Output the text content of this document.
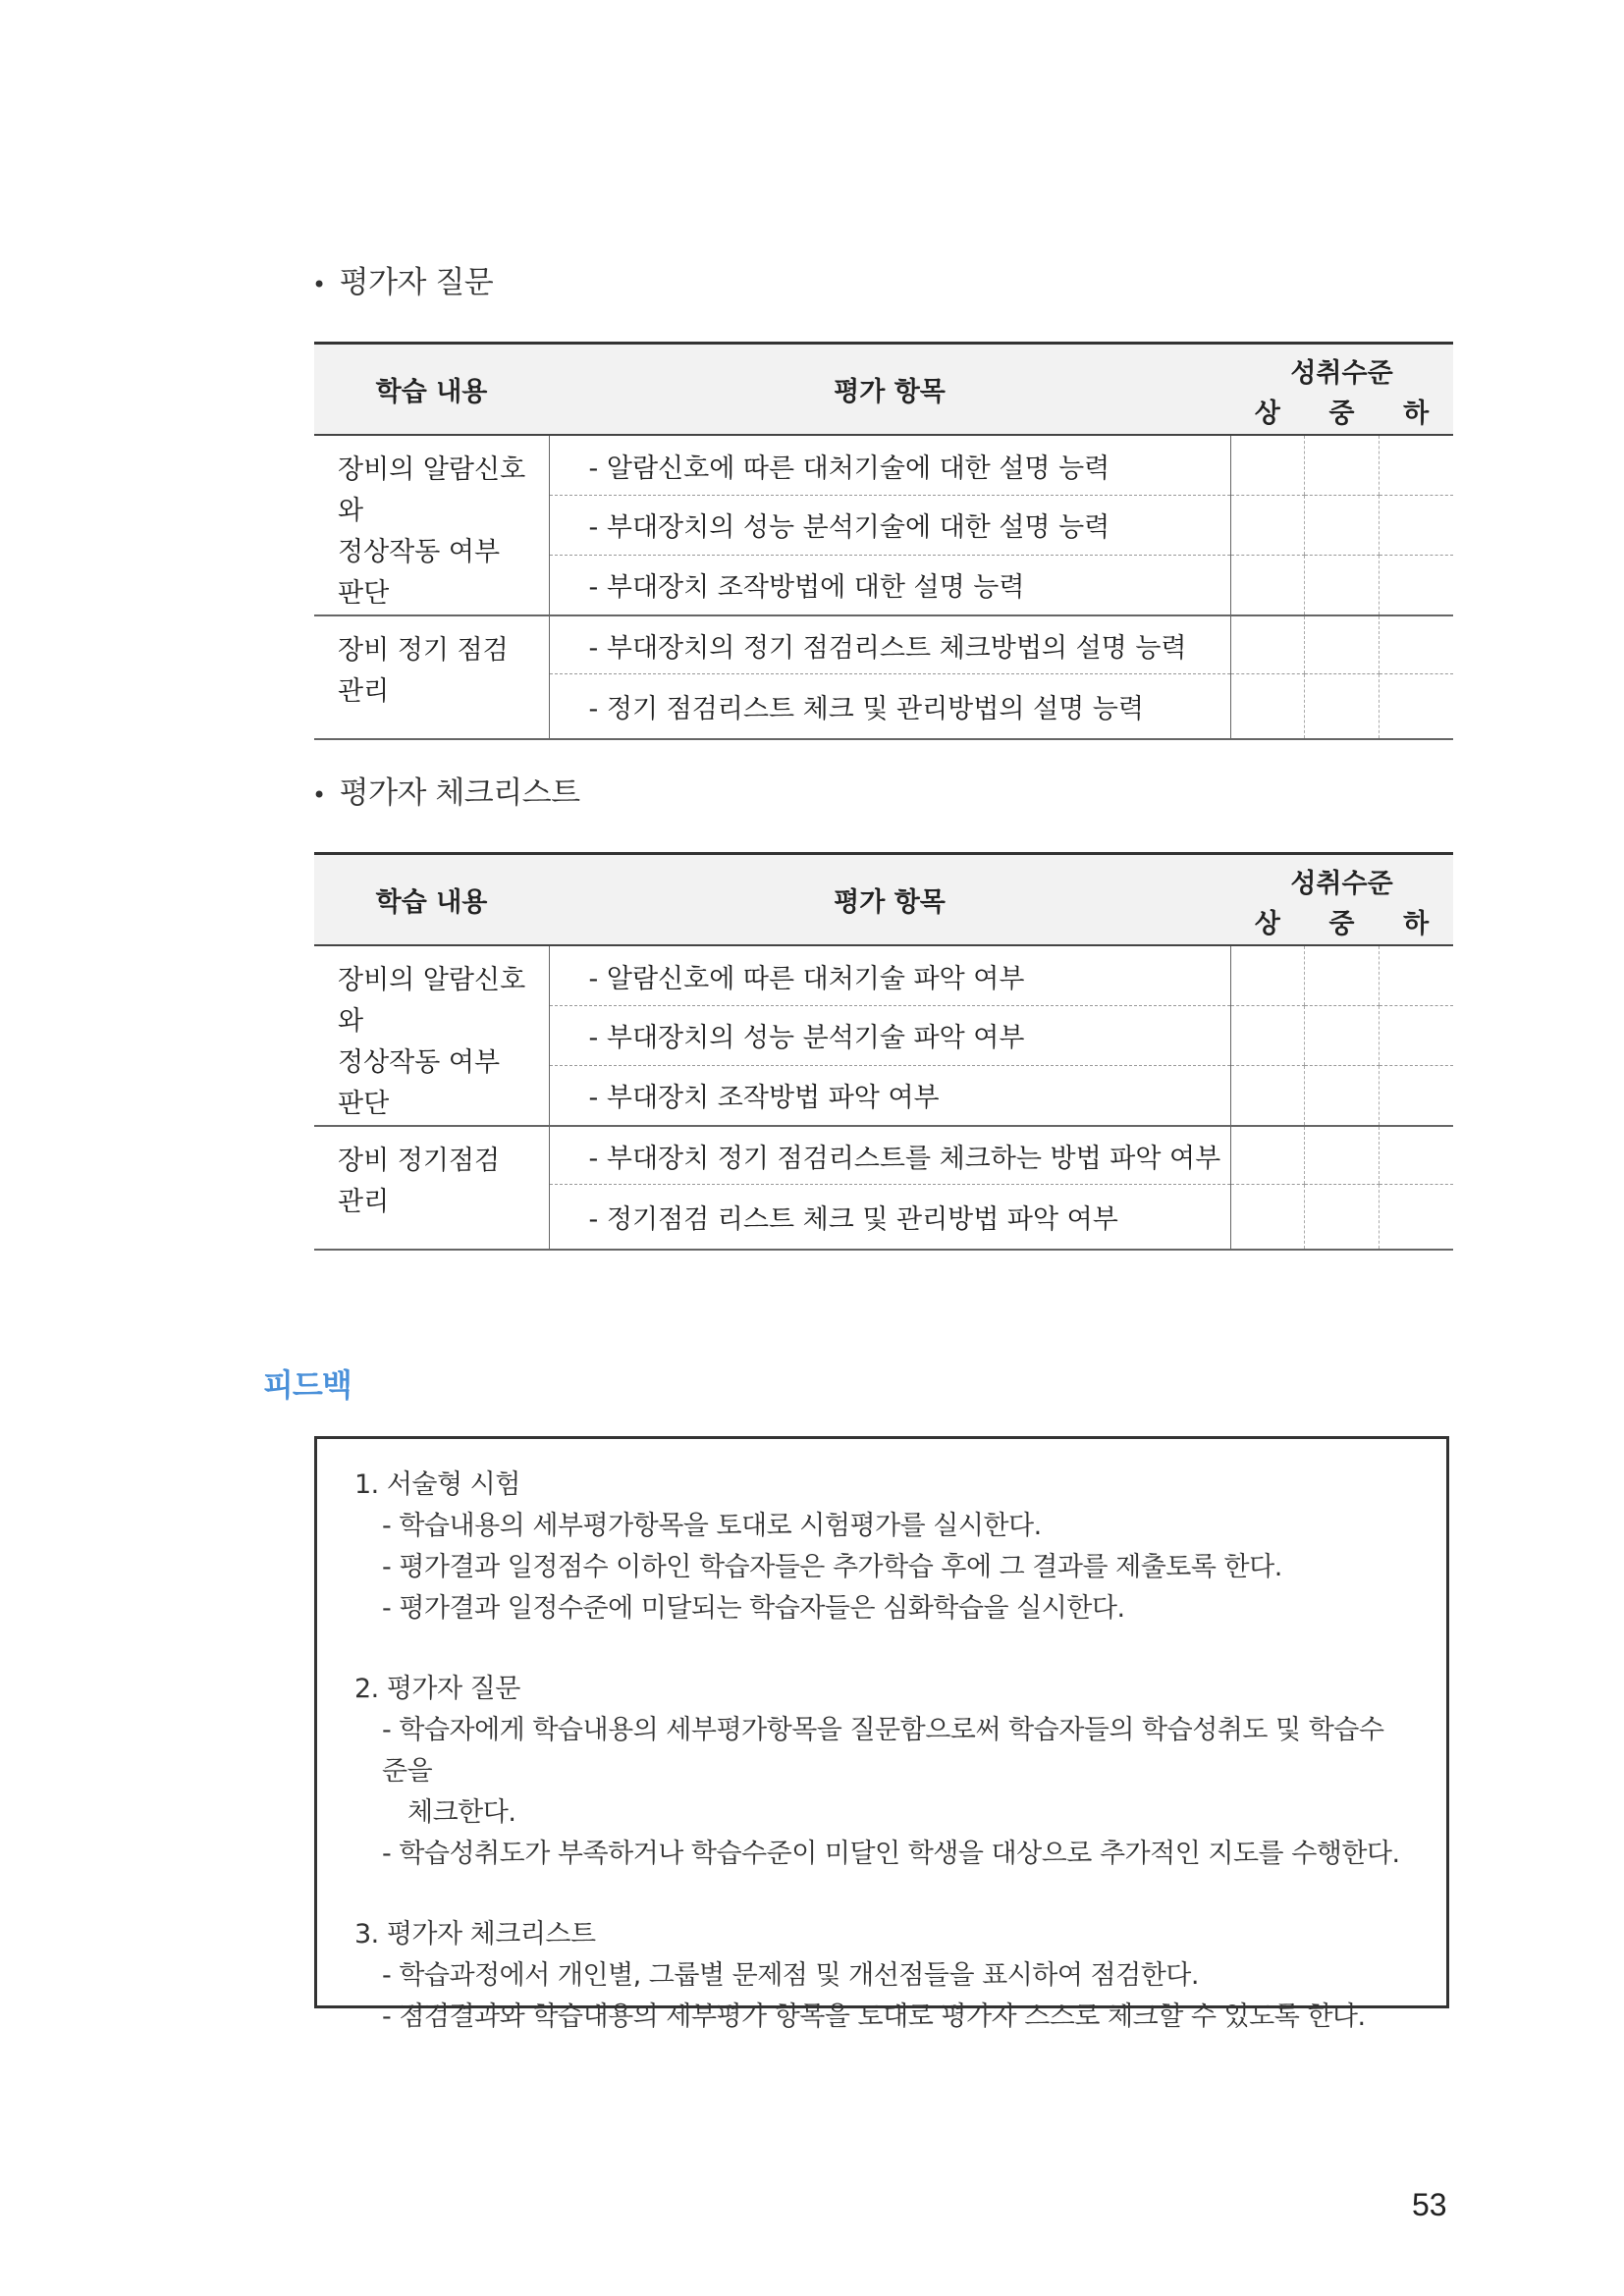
• 평가자 질문
학습 내용	평가 항목	성취수준		
		상	중	하
장비의 알람신호와
정상작동 여부
판단	- 알람신호에 따른 대처기술에 대한 설명 능력			
	- 부대장치의 성능 분석기술에 대한 설명 능력			
	- 부대장치 조작방법에 대한 설명 능력			
장비 정기 점검
관리	- 부대장치의 정기 점검리스트 체크방법의 설명 능력			
	- 정기 점검리스트 체크 및 관리방법의 설명 능력			
• 평가자 체크리스트
학습 내용	평가 항목	성취수준		
		상	중	하
장비의 알람신호와
정상작동 여부
판단	- 알람신호에 따른 대처기술 파악 여부			
	- 부대장치의 성능 분석기술 파악 여부			
	- 부대장치 조작방법 파악 여부			
장비 정기점검
관리	- 부대장치 정기 점검리스트를 체크하는 방법 파악 여부			
	- 정기점검 리스트 체크 및 관리방법 파악 여부			
피드백
1. 서술형 시험
- 학습내용의 세부평가항목을 토대로 시험평가를 실시한다.
- 평가결과 일정점수 이하인 학습자들은 추가학습 후에 그 결과를 제출토록 한다.
- 평가결과 일정수준에 미달되는 학습자들은 심화학습을 실시한다.
2. 평가자 질문
- 학습자에게 학습내용의 세부평가항목을 질문함으로써 학습자들의 학습성취도 및 학습수준을
체크한다.
- 학습성취도가 부족하거나 학습수준이 미달인 학생을 대상으로 추가적인 지도를 수행한다.
3. 평가자 체크리스트
- 학습과정에서 개인별, 그룹별 문제점 및 개선점들을 표시하여 점검한다.
- 점검결과와 학습내용의 세부평가 항목을 토대로 평가자 스스로 체크할 수 있도록 한다.
53
